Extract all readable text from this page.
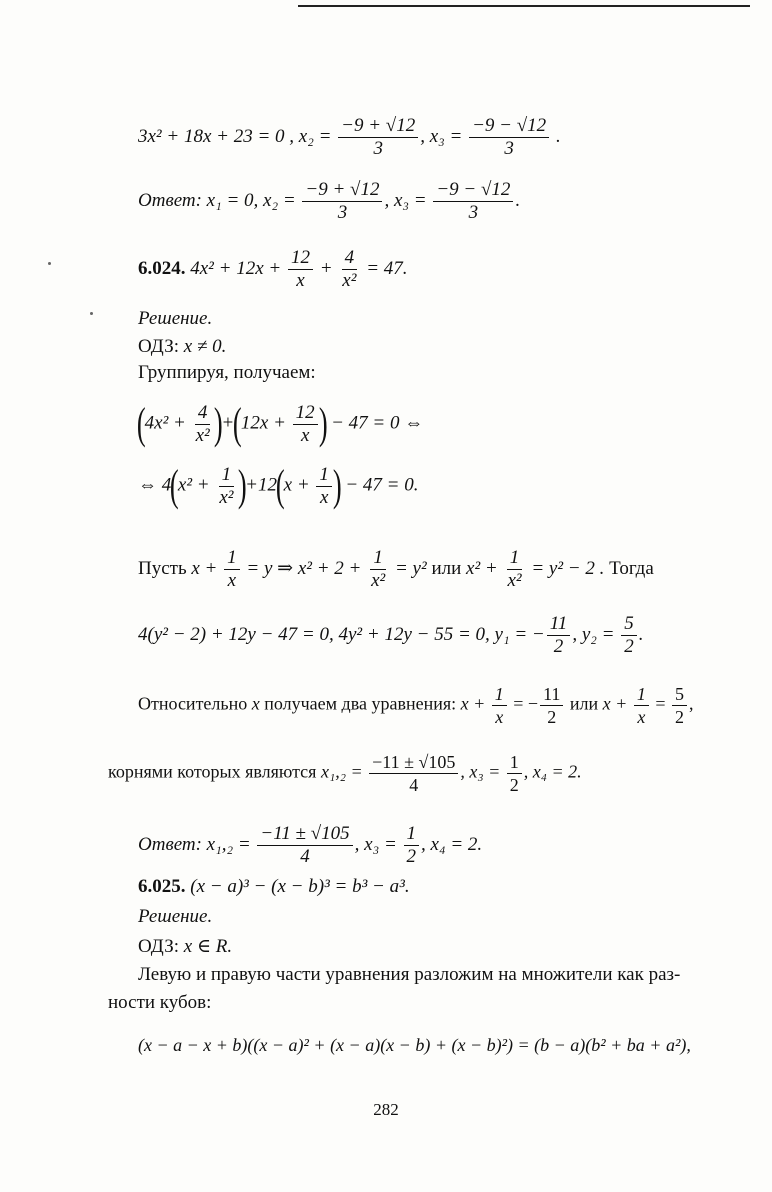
3x² + 18x + 23 = 0 , $x_2 = \frac{-9 + √12}{3}$ , $x_3 = \frac{-9 - √12}{3}$ .
Ответ: x₁ = 0, $x_2 = \frac{-9 + √12}{3}$ , $x_3 = \frac{-9 - √12}{3}$ .
6.024. $4x^2 + 12x + \frac{12}{x} + \frac{4}{\text{x²}} = 47$.
Решение.
ОДЗ: x ≠ 0.
Группируя, получаем:
$(4x^2 + \frac{4}{\text{x²}} )+(12x + \frac{12}{x}$ ) − 47 = 0 ⇔
⇔ $4(x^2 + \frac{1}{\text{x²}} )+12(x + \frac{1}{x}$ ) − 47 = 0.
Пусть $x + \frac{1}{x} = y$ ⇒ $x^2 + 2 + \frac{1}{\text{x²}} = y^2$ или $x^2 + \frac{1}{\text{x²}} = y^2 - 2$ . Тогда
4(y² − 2) + 12y − 47 = 0, 4y² + 12y − 55 = 0, y₁ = − $\frac{11}{2}$ , $y_2 = \frac{5}{2}$ .
Относительно x получаем два уравнения: $x + \frac{1}{x}$ = − $\frac{11}{2}$ или $x + \frac{1}{x} = \frac{5}{2}$ ,
корнями которых являются $x_1,_2 = \frac{-11 \pm √105}{4}$ , $x_3 = \frac{1}{2}$ , x₄ = 2.
Ответ: $x_1,_2 = \frac{-11 \pm √105}{4}$ , $x_3 = \frac{1}{2}$ , x₄ = 2.
6.025. (x − a)³ − (x − b)³ = b³ − a³.
Решение.
ОДЗ: x ∈ R.
Левую и правую части уравнения разложим на множители как раз-
ности кубов:
(x − a − x + b)((x − a)² + (x − a)(x − b) + (x − b)²) = (b − a)(b² + ba + a²),
282
